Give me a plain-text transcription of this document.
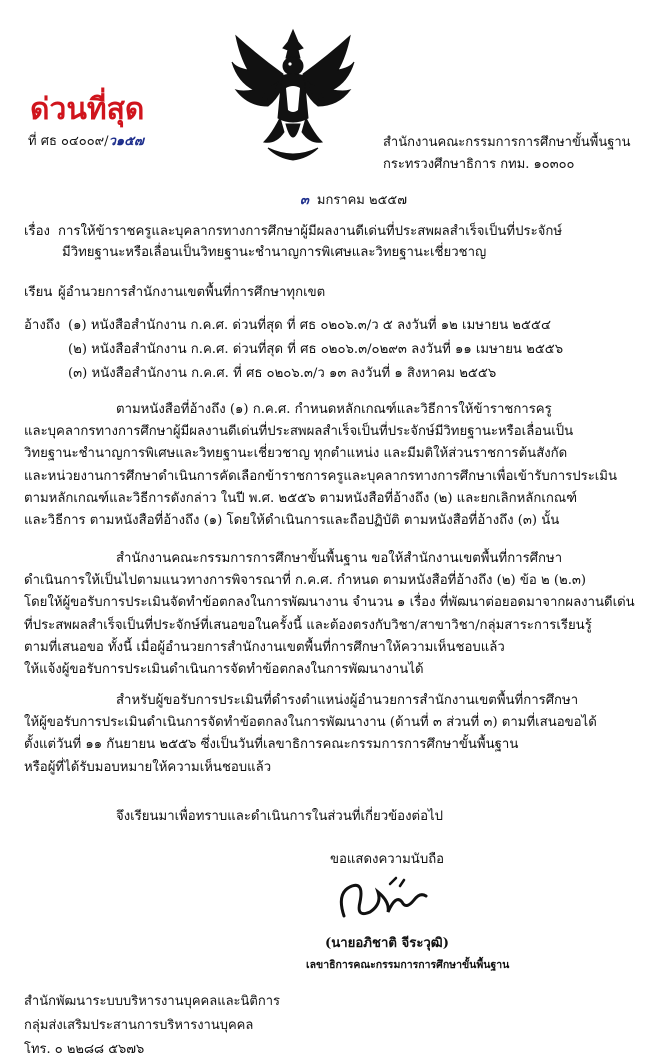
ด่วนที่สุด
ที่ ศธ ๐๔๐๐๙/ว๑๕๗	สำนักงานคณะกรรมการการศึกษาขั้นพื้นฐาน
กระทรวงศึกษาธิการ กทม. ๑๐๓๐๐
๓ มกราคม ๒๕๕๗
เรื่อง การให้ข้าราชครูและบุคลากรทางการศึกษาผู้มีผลงานดีเด่นที่ประสพผลสำเร็จเป็นที่ประจักษ์
มีวิทยฐานะหรือเลื่อนเป็นวิทยฐานะชำนาญการพิเศษและวิทยฐานะเชี่ยวชาญ
เรียน ผู้อำนวยการสำนักงานเขตพื้นที่การศึกษาทุกเขต
อ้างถึง (๑) หนังสือสำนักงาน ก.ค.ศ. ด่วนที่สุด ที่ ศธ ๐๒๐๖.๓/ว ๕ ลงวันที่ ๑๒ เมษายน ๒๕๕๔
(๒) หนังสือสำนักงาน ก.ค.ศ. ด่วนที่สุด ที่ ศธ ๐๒๐๖.๓/๐๒๙๓ ลงวันที่ ๑๑ เมษายน ๒๕๕๖
(๓) หนังสือสำนักงาน ก.ค.ศ. ที่ ศธ ๐๒๐๖.๓/ว ๑๓ ลงวันที่ ๑ สิงหาคม ๒๕๕๖
ตามหนังสือที่อ้างถึง (๑) ก.ค.ศ. กำหนดหลักเกณฑ์และวิธีการให้ข้าราชการครู
และบุคลากรทางการศึกษาผู้มีผลงานดีเด่นที่ประสพผลสำเร็จเป็นที่ประจักษ์มีวิทยฐานะหรือเลื่อนเป็น
วิทยฐานะชำนาญการพิเศษและวิทยฐานะเชี่ยวชาญ ทุกตำแหน่ง และมีมติให้ส่วนราชการต้นสังกัด
และหน่วยงานการศึกษาดำเนินการคัดเลือกข้าราชการครูและบุคลากรทางการศึกษาเพื่อเข้ารับการประเมิน
ตามหลักเกณฑ์และวิธีการดังกล่าว ในปี พ.ศ. ๒๕๕๖ ตามหนังสือที่อ้างถึง (๒) และยกเลิกหลักเกณฑ์
และวิธีการ ตามหนังสือที่อ้างถึง (๑) โดยให้ดำเนินการและถือปฏิบัติ ตามหนังสือที่อ้างถึง (๓) นั้น
สำนักงานคณะกรรมการการศึกษาขั้นพื้นฐาน ขอให้สำนักงานเขตพื้นที่การศึกษา
ดำเนินการให้เป็นไปตามแนวทางการพิจารณาที่ ก.ค.ศ. กำหนด ตามหนังสือที่อ้างถึง (๒) ข้อ ๒ (๒.๓)
โดยให้ผู้ขอรับการประเมินจัดทำข้อตกลงในการพัฒนางาน จำนวน ๑ เรื่อง ที่พัฒนาต่อยอดมาจากผลงานดีเด่น
ที่ประสพผลสำเร็จเป็นที่ประจักษ์ที่เสนอขอในครั้งนี้ และต้องตรงกับวิชา/สาขาวิชา/กลุ่มสาระการเรียนรู้
ตามที่เสนอขอ ทั้งนี้ เมื่อผู้อำนวยการสำนักงานเขตพื้นที่การศึกษาให้ความเห็นชอบแล้ว
ให้แจ้งผู้ขอรับการประเมินดำเนินการจัดทำข้อตกลงในการพัฒนางานได้
สำหรับผู้ขอรับการประเมินที่ดำรงตำแหน่งผู้อำนวยการสำนักงานเขตพื้นที่การศึกษา
ให้ผู้ขอรับการประเมินดำเนินการจัดทำข้อตกลงในการพัฒนางาน (ด้านที่ ๓ ส่วนที่ ๓) ตามที่เสนอขอได้
ตั้งแต่วันที่ ๑๑ กันยายน ๒๕๕๖ ซึ่งเป็นวันที่เลขาธิการคณะกรรมการการศึกษาขั้นพื้นฐาน
หรือผู้ที่ได้รับมอบหมายให้ความเห็นชอบแล้ว
จึงเรียนมาเพื่อทราบและดำเนินการในส่วนที่เกี่ยวข้องต่อไป
ขอแสดงความนับถือ
(นายอภิชาติ จีระวุฒิ)
เลขาธิการคณะกรรมการการศึกษาขั้นพื้นฐาน
สำนักพัฒนาระบบบริหารงานบุคคลและนิติการ
กลุ่มส่งเสริมประสานการบริหารงานบุคคล
โทร. ๐ ๒๒๘๘ ๕๖๗๖
